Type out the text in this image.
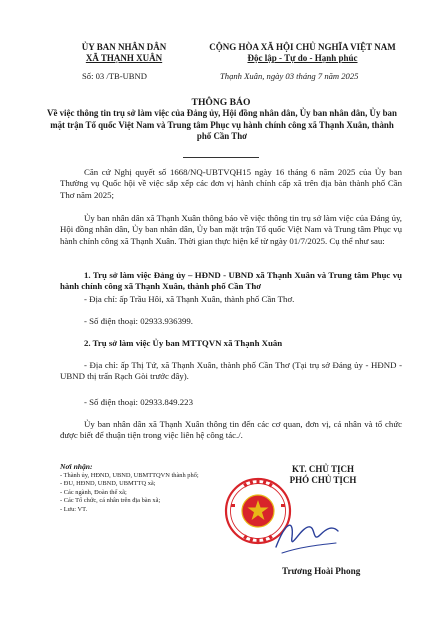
ỦY BAN NHÂN DÂN
XÃ THẠNH XUÂN
CỘNG HÒA XÃ HỘI CHỦ NGHĨA VIỆT NAM
Độc lập - Tự do - Hạnh phúc
Số: 03 /TB-UBND	Thạnh Xuân, ngày 03 tháng 7 năm 2025
THÔNG BÁO
Về việc thông tin trụ sở làm việc của Đảng ủy, Hội đồng nhân dân, Ủy ban nhân dân, Ủy ban mặt trận Tổ quốc Việt Nam và Trung tâm Phục vụ hành chính công xã Thạnh Xuân, thành phố Cần Thơ
Căn cứ Nghị quyết số 1668/NQ-UBTVQH15 ngày 16 tháng 6 năm 2025 của Ủy ban Thường vụ Quốc hội về việc sắp xếp các đơn vị hành chính cấp xã trên địa bàn thành phố Cần Thơ năm 2025;
Ủy ban nhân dân xã Thạnh Xuân thông báo về việc thông tin trụ sở làm việc của Đảng ủy, Hội đồng nhân dân, Ủy ban nhân dân, Ủy ban mặt trận Tổ quốc Việt Nam và Trung tâm Phục vụ hành chính công xã Thạnh Xuân. Thời gian thực hiện kể từ ngày 01/7/2025. Cụ thể như sau:
1. Trụ sở làm việc Đảng ủy – HĐND - UBND xã Thạnh Xuân và Trung tâm Phục vụ hành chính công xã Thạnh Xuân, thành phố Cần Thơ
- Địa chỉ: ấp Trầu Hôi, xã Thạnh Xuân, thành phố Cần Thơ.
- Số điện thoại: 02933.936399.
2. Trụ sở làm việc Ủy ban MTTQVN xã Thạnh Xuân
- Địa chỉ: ấp Thị Tứ, xã Thạnh Xuân, thành phố Cần Thơ (Tại trụ sở Đảng ủy - HĐND - UBND thị trấn Rạch Gòi trước đây).
- Số điện thoại: 02933.849.223
Ủy ban nhân dân xã Thạnh Xuân thông tin đến các cơ quan, đơn vị, cá nhân và tổ chức được biết để thuận tiện trong việc liên hệ công tác./.
Nơi nhận:
- Thành ủy, HĐND, UBND, UBMTTQVN thành phố;
- ĐU, HĐND, UBND, UBMTTQ xã;
- Các ngành, Đoàn thể xã;
- Các Tổ chức, cá nhân trên địa bàn xã;
- Lưu: VT.
KT. CHỦ TỊCH
PHÓ CHỦ TỊCH
Trương Hoài Phong
